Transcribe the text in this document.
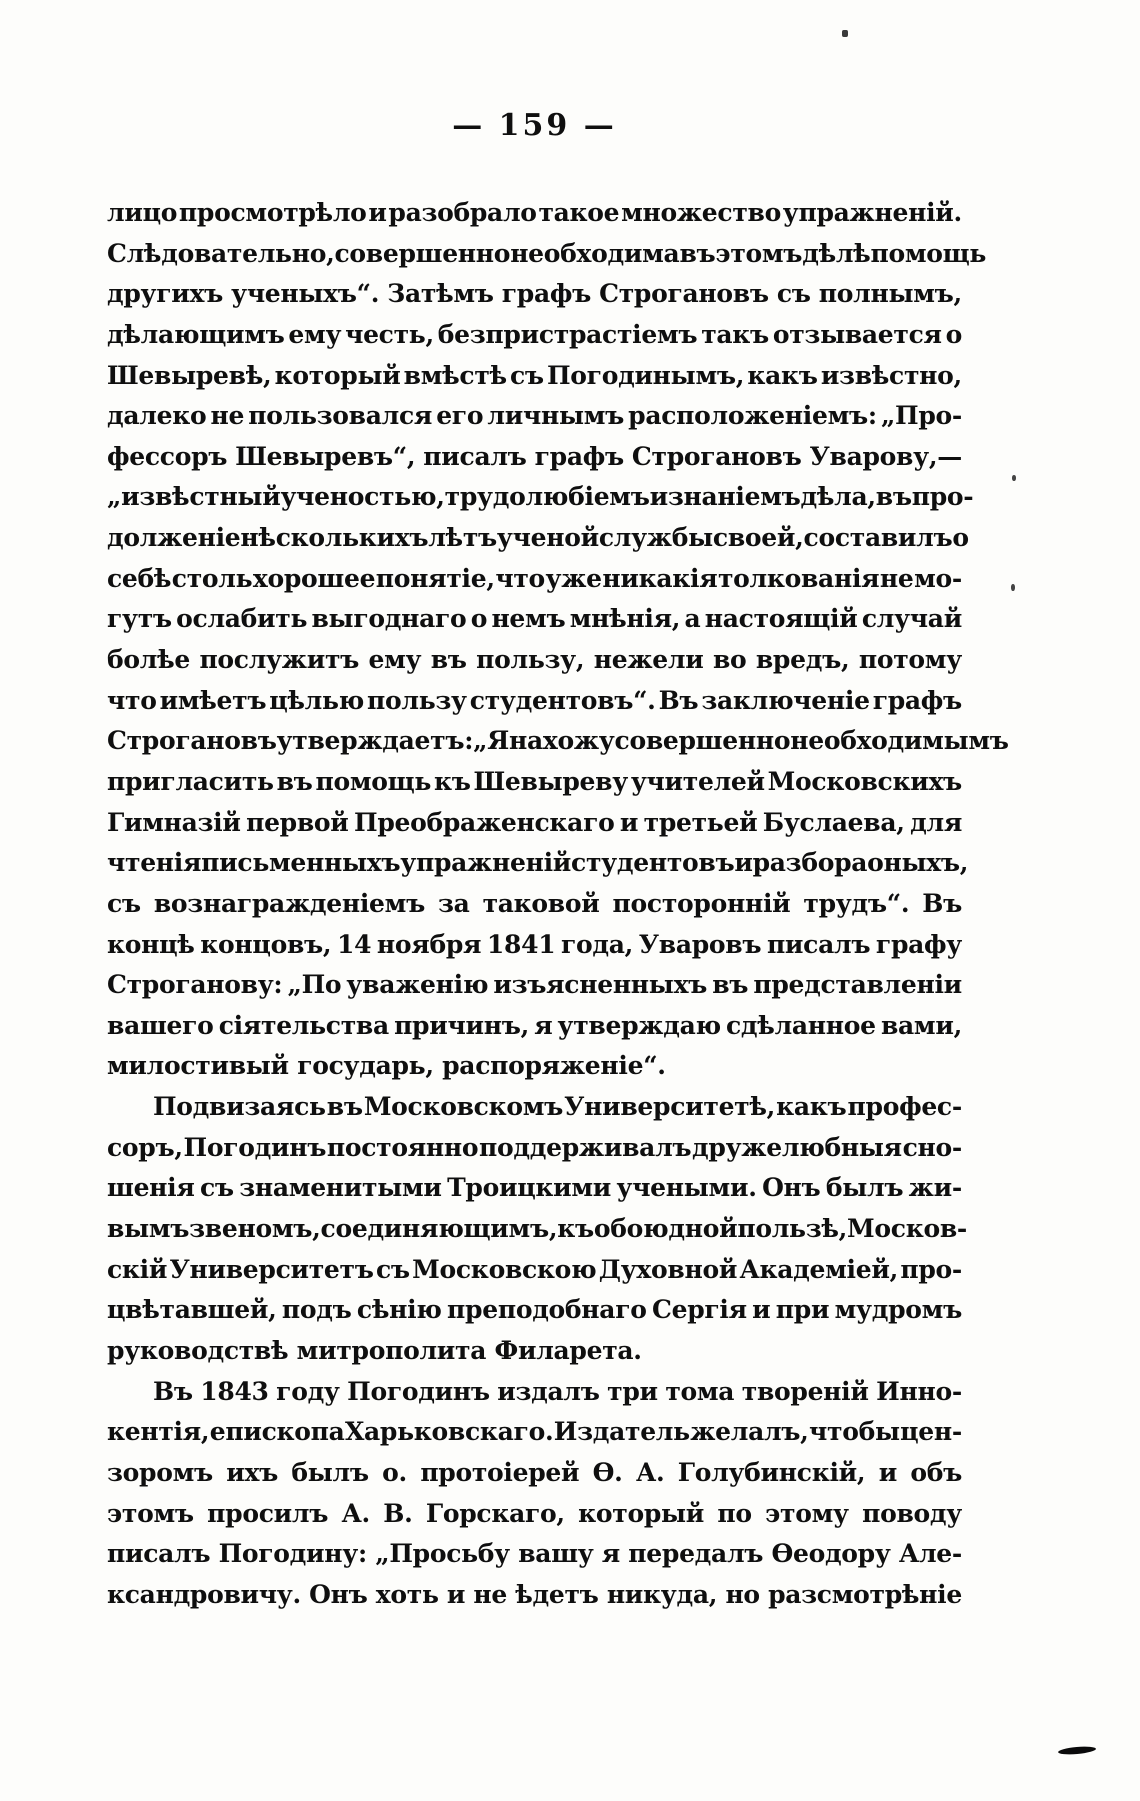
— 159 —
лицо просмотрѣло и разобрало такое множество упражненій.
Слѣдовательно, совершенно необходима въ этомъ дѣлѣ помощь
другихъ ученыхъ“. Затѣмъ графъ Строгановъ съ полнымъ,
дѣлающимъ ему честь, безпристрастіемъ такъ отзывается о
Шевыревѣ, который вмѣстѣ съ Погодинымъ, какъ извѣстно,
далеко не пользовался его личнымъ расположеніемъ: „Про-
фессоръ Шевыревъ“, писалъ графъ Строгановъ Уварову,—
„извѣстный ученостью, трудолюбіемъ и знаніемъ дѣла, въ про-
долженіе нѣсколькихъ лѣтъ ученой службы своей, составилъ о
себѣ столь хорошее понятіе, что уже никакія толкованія не мо-
гутъ ослабить выгоднаго о немъ мнѣнія, а настоящій случай
болѣе послужитъ ему въ пользу, нежели во вредъ, потому
что имѣетъ цѣлью пользу студентовъ“. Въ заключеніе графъ
Строгановъ утверждаетъ: „Я нахожу совершенно необходимымъ
пригласить въ помощь къ Шевыреву учителей Московскихъ
Гимназій первой Преображенскаго и третьей Буслаева, для
чтенія письменныхъ упражненій студентовъ и разбора оныхъ,
съ вознагражденіемъ за таковой посторонній трудъ“. Въ
концѣ концовъ, 14 ноября 1841 года, Уваровъ писалъ графу
Строганову: „По уваженію изъясненныхъ въ представленіи
вашего сіятельства причинъ, я утверждаю сдѣланное вами,
милостивый государь, распоряженіе“.
Подвизаясь въ Московскомъ Университетѣ, какъ профес-
соръ, Погодинъ постоянно поддерживалъ дружелюбныя сно-
шенія съ знаменитыми Троицкими учеными. Онъ былъ жи-
вымъ звеномъ, соединяющимъ, къ обоюдной пользѣ, Москов-
скій Университетъ съ Московскою Духовной Академіей, про-
цвѣтавшей, подъ сѣнію преподобнаго Сергія и при мудромъ
руководствѣ митрополита Филарета.
Въ 1843 году Погодинъ издалъ три тома твореній Инно-
кентія, епископа Харьковскаго. Издатель желалъ, чтобы цен-
зоромъ ихъ былъ о. протоіерей Ѳ. А. Голубинскій, и объ
этомъ просилъ А. В. Горскаго, который по этому поводу
писалъ Погодину: „Просьбу вашу я передалъ Ѳеодору Але-
ксандровичу. Онъ хоть и не ѣдетъ никуда, но разсмотрѣніе
